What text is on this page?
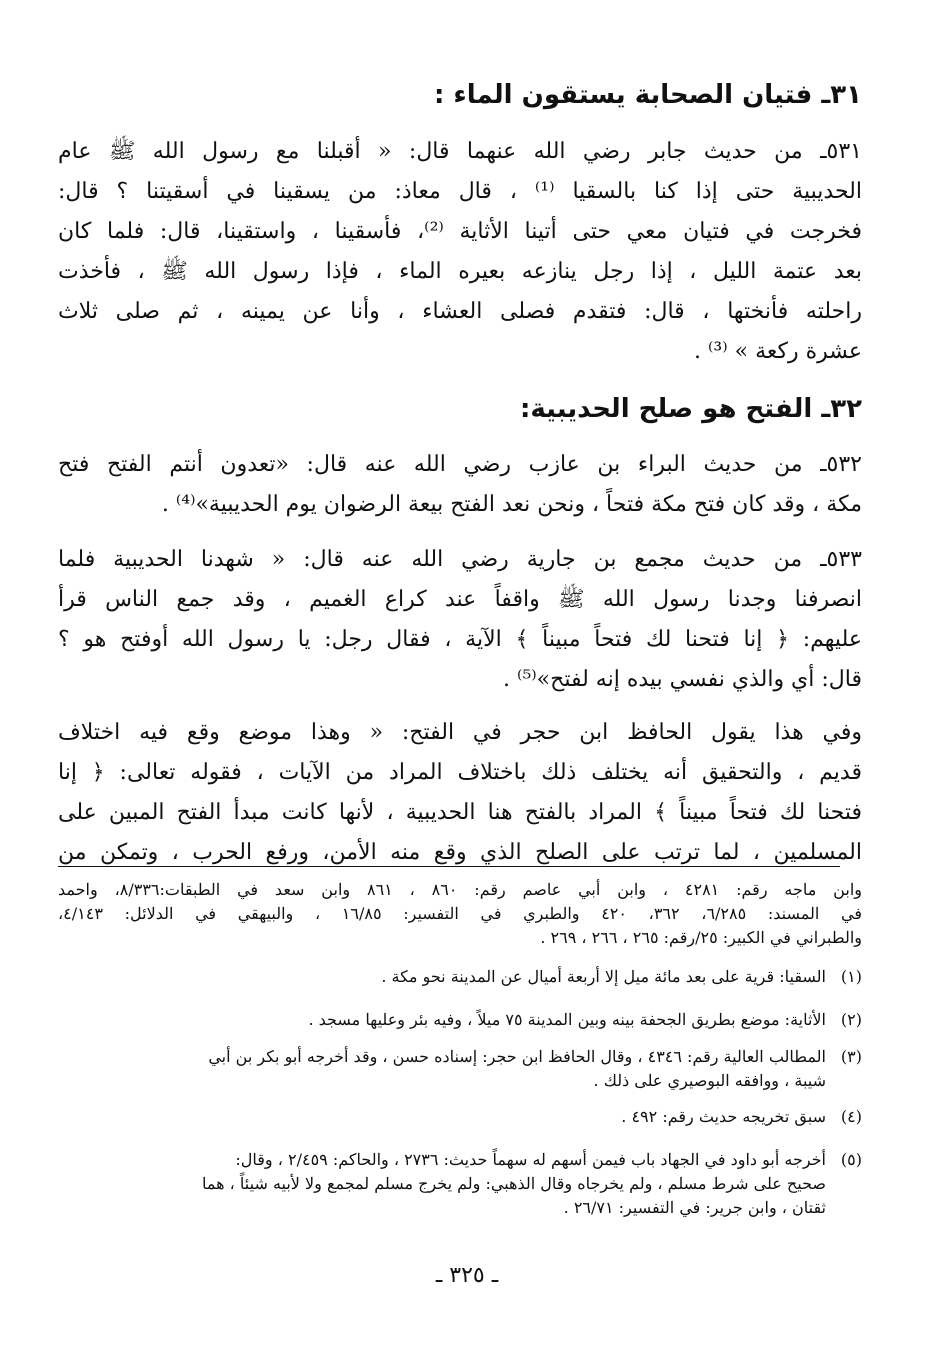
٣١ـ فتيان الصحابة يستقون الماء :
٥٣١ـ من حديث جابر رضي الله عنهما قال: « أقبلنا مع رسول الله ﷺ عام
الحديبية حتى إذا كنا بالسقيا ⁽¹⁾ ، قال معاذ: من يسقينا في أسقيتنا ؟ قال:
فخرجت في فتيان معي حتى أتينا الأثاية ⁽²⁾، فأسقينا ، واستقينا، قال: فلما كان
بعد عتمة الليل ، إذا رجل ينازعه بعيره الماء ، فإذا رسول الله ﷺ ، فأخذت
راحلته فأنختها ، قال: فتقدم فصلى العشاء ، وأنا عن يمينه ، ثم صلى ثلاث
عشرة ركعة » ⁽³⁾ .
٣٢ـ الفتح هو صلح الحديبية:
٥٣٢ـ من حديث البراء بن عازب رضي الله عنه قال: «تعدون أنتم الفتح فتح
مكة ، وقد كان فتح مكة فتحاً ، ونحن نعد الفتح بيعة الرضوان يوم الحديبية»⁽⁴⁾ .
٥٣٣ـ من حديث مجمع بن جارية رضي الله عنه قال: « شهدنا الحديبية فلما
انصرفنا وجدنا رسول الله ﷺ واقفاً عند كراع الغميم ، وقد جمع الناس قرأ
عليهم: ﴿ إنا فتحنا لك فتحاً مبيناً ﴾ الآية ، فقال رجل: يا رسول الله أوفتح هو ؟
قال: أي والذي نفسي بيده إنه لفتح»⁽⁵⁾ .
وفي هذا يقول الحافظ ابن حجر في الفتح: « وهذا موضع وقع فيه اختلاف
قديم ، والتحقيق أنه يختلف ذلك باختلاف المراد من الآيات ، فقوله تعالى: ﴿ إنا
فتحنا لك فتحاً مبيناً ﴾ المراد بالفتح هنا الحديبية ، لأنها كانت مبدأ الفتح المبين على
المسلمين ، لما ترتب على الصلح الذي وقع منه الأمن، ورفع الحرب ، وتمكن من
وابن ماجه رقم: ٤٢٨١ ، وابن أبي عاصم رقم: ٨٦٠ ، ٨٦١ وابن سعد في الطبقات:٨/٣٣٦، واحمد
في المسند: ٦/٢٨٥، ٣٦٢، ٤٢٠ والطبري في التفسير: ١٦/٨٥ ، والبيهقي في الدلائل: ٤/١٤٣،
والطبراني في الكبير: ٢٥/رقم: ٢٦٥ ، ٢٦٦ ، ٢٦٩ .
(١)السقيا: قرية على بعد مائة ميل إلا أربعة أميال عن المدينة نحو مكة .
(٢)الأثاية: موضع بطريق الجحفة بينه وبين المدينة ٧٥ ميلاً ، وفيه بئر وعليها مسجد .
(٣)المطالب العالية رقم: ٤٣٤٦ ، وقال الحافظ ابن حجر: إسناده حسن ، وقد أخرجه أبو بكر بن أبي
شيبة ، ووافقه البوصيري على ذلك .
(٤)سبق تخريجه حديث رقم: ٤٩٢ .
(٥)أخرجه أبو داود في الجهاد باب فيمن أسهم له سهماً حديث: ٢٧٣٦ ، والحاكم: ٢/٤٥٩ ، وقال:
صحيح على شرط مسلم ، ولم يخرجاه وقال الذهبي: ولم يخرج مسلم لمجمع ولا لأبيه شيئاً ، هما
ثقتان ، وابن جرير: في التفسير: ٢٦/٧١ .
ـ ٣٢٥ ـ
